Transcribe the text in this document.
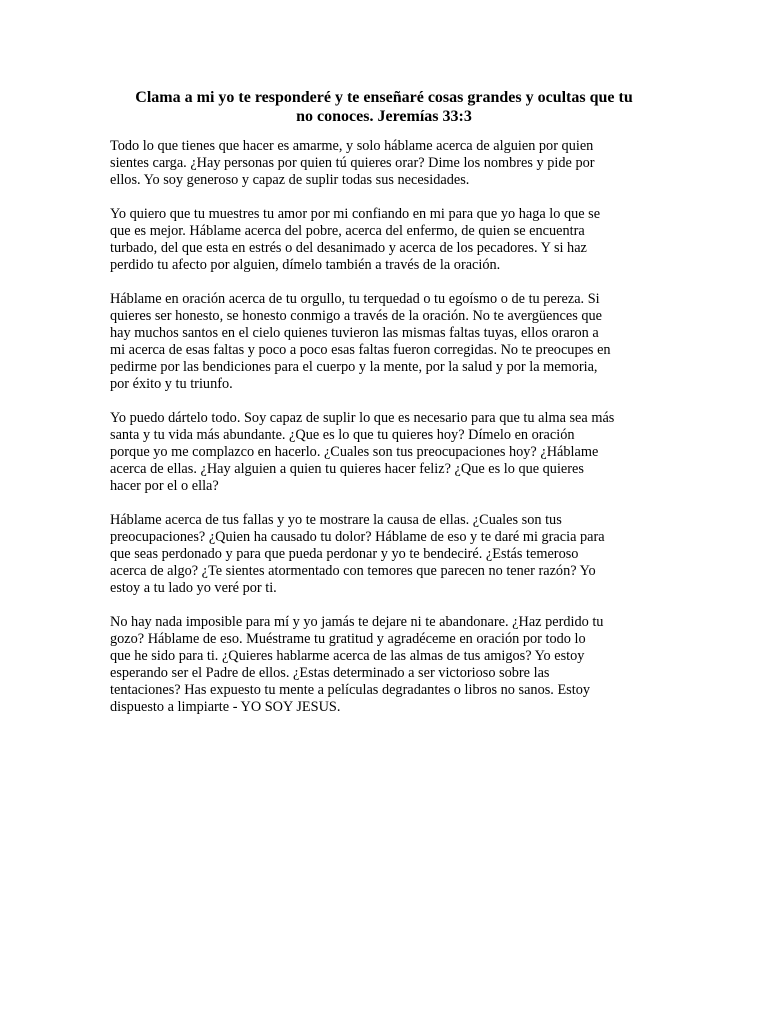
Clama a mi yo te responderé y te enseñaré cosas grandes y ocultas que tu
no conoces. Jeremías 33:3

Todo lo que tienes que hacer es amarme, y solo háblame acerca de alguien por quien
sientes carga. ¿Hay personas por quien tú quieres orar? Dime los nombres y pide por
ellos. Yo soy generoso y capaz de suplir todas sus necesidades.

Yo quiero que tu muestres tu amor por mi confiando en mi para que yo haga lo que se
que es mejor. Háblame acerca del pobre, acerca del enfermo, de quien se encuentra
turbado, del que esta en estrés o del desanimado y acerca de los pecadores. Y si haz
perdido tu afecto por alguien, dímelo también a través de la oración.

Háblame en oración acerca de tu orgullo, tu terquedad o tu egoísmo o de tu pereza. Si
quieres ser honesto, se honesto conmigo a través de la oración. No te avergüences que
hay muchos santos en el cielo quienes tuvieron las mismas faltas tuyas, ellos oraron a
mi acerca de esas faltas y poco a poco esas faltas fueron corregidas. No te preocupes en
pedirme por las bendiciones para el cuerpo y la mente, por la salud y por la memoria,
por éxito y tu triunfo.

Yo puedo dártelo todo. Soy capaz de suplir lo que es necesario para que tu alma sea más
santa y tu vida más abundante. ¿Que es lo que tu quieres hoy? Dímelo en oración
porque yo me complazco en hacerlo. ¿Cuales son tus preocupaciones hoy? ¿Háblame
acerca de ellas. ¿Hay alguien a quien tu quieres hacer feliz? ¿Que es lo que quieres
hacer por el o ella?

Háblame acerca de tus fallas y yo te mostrare la causa de ellas. ¿Cuales son tus
preocupaciones? ¿Quien ha causado tu dolor? Háblame de eso y te daré mi gracia para
que seas perdonado y para que pueda perdonar y yo te bendeciré. ¿Estás temeroso
acerca de algo? ¿Te sientes atormentado con temores que parecen no tener razón? Yo
estoy a tu lado yo veré por ti.

No hay nada imposible para mí y yo jamás te dejare ni te abandonare. ¿Haz perdido tu
gozo? Háblame de eso. Muéstrame tu gratitud y agradéceme en oración por todo lo
que he sido para ti. ¿Quieres hablarme acerca de las almas de tus amigos? Yo estoy
esperando ser el Padre de ellos. ¿Estas determinado a ser victorioso sobre las
tentaciones? Has expuesto tu mente a películas degradantes o libros no sanos. Estoy
dispuesto a limpiarte - YO SOY JESUS.
